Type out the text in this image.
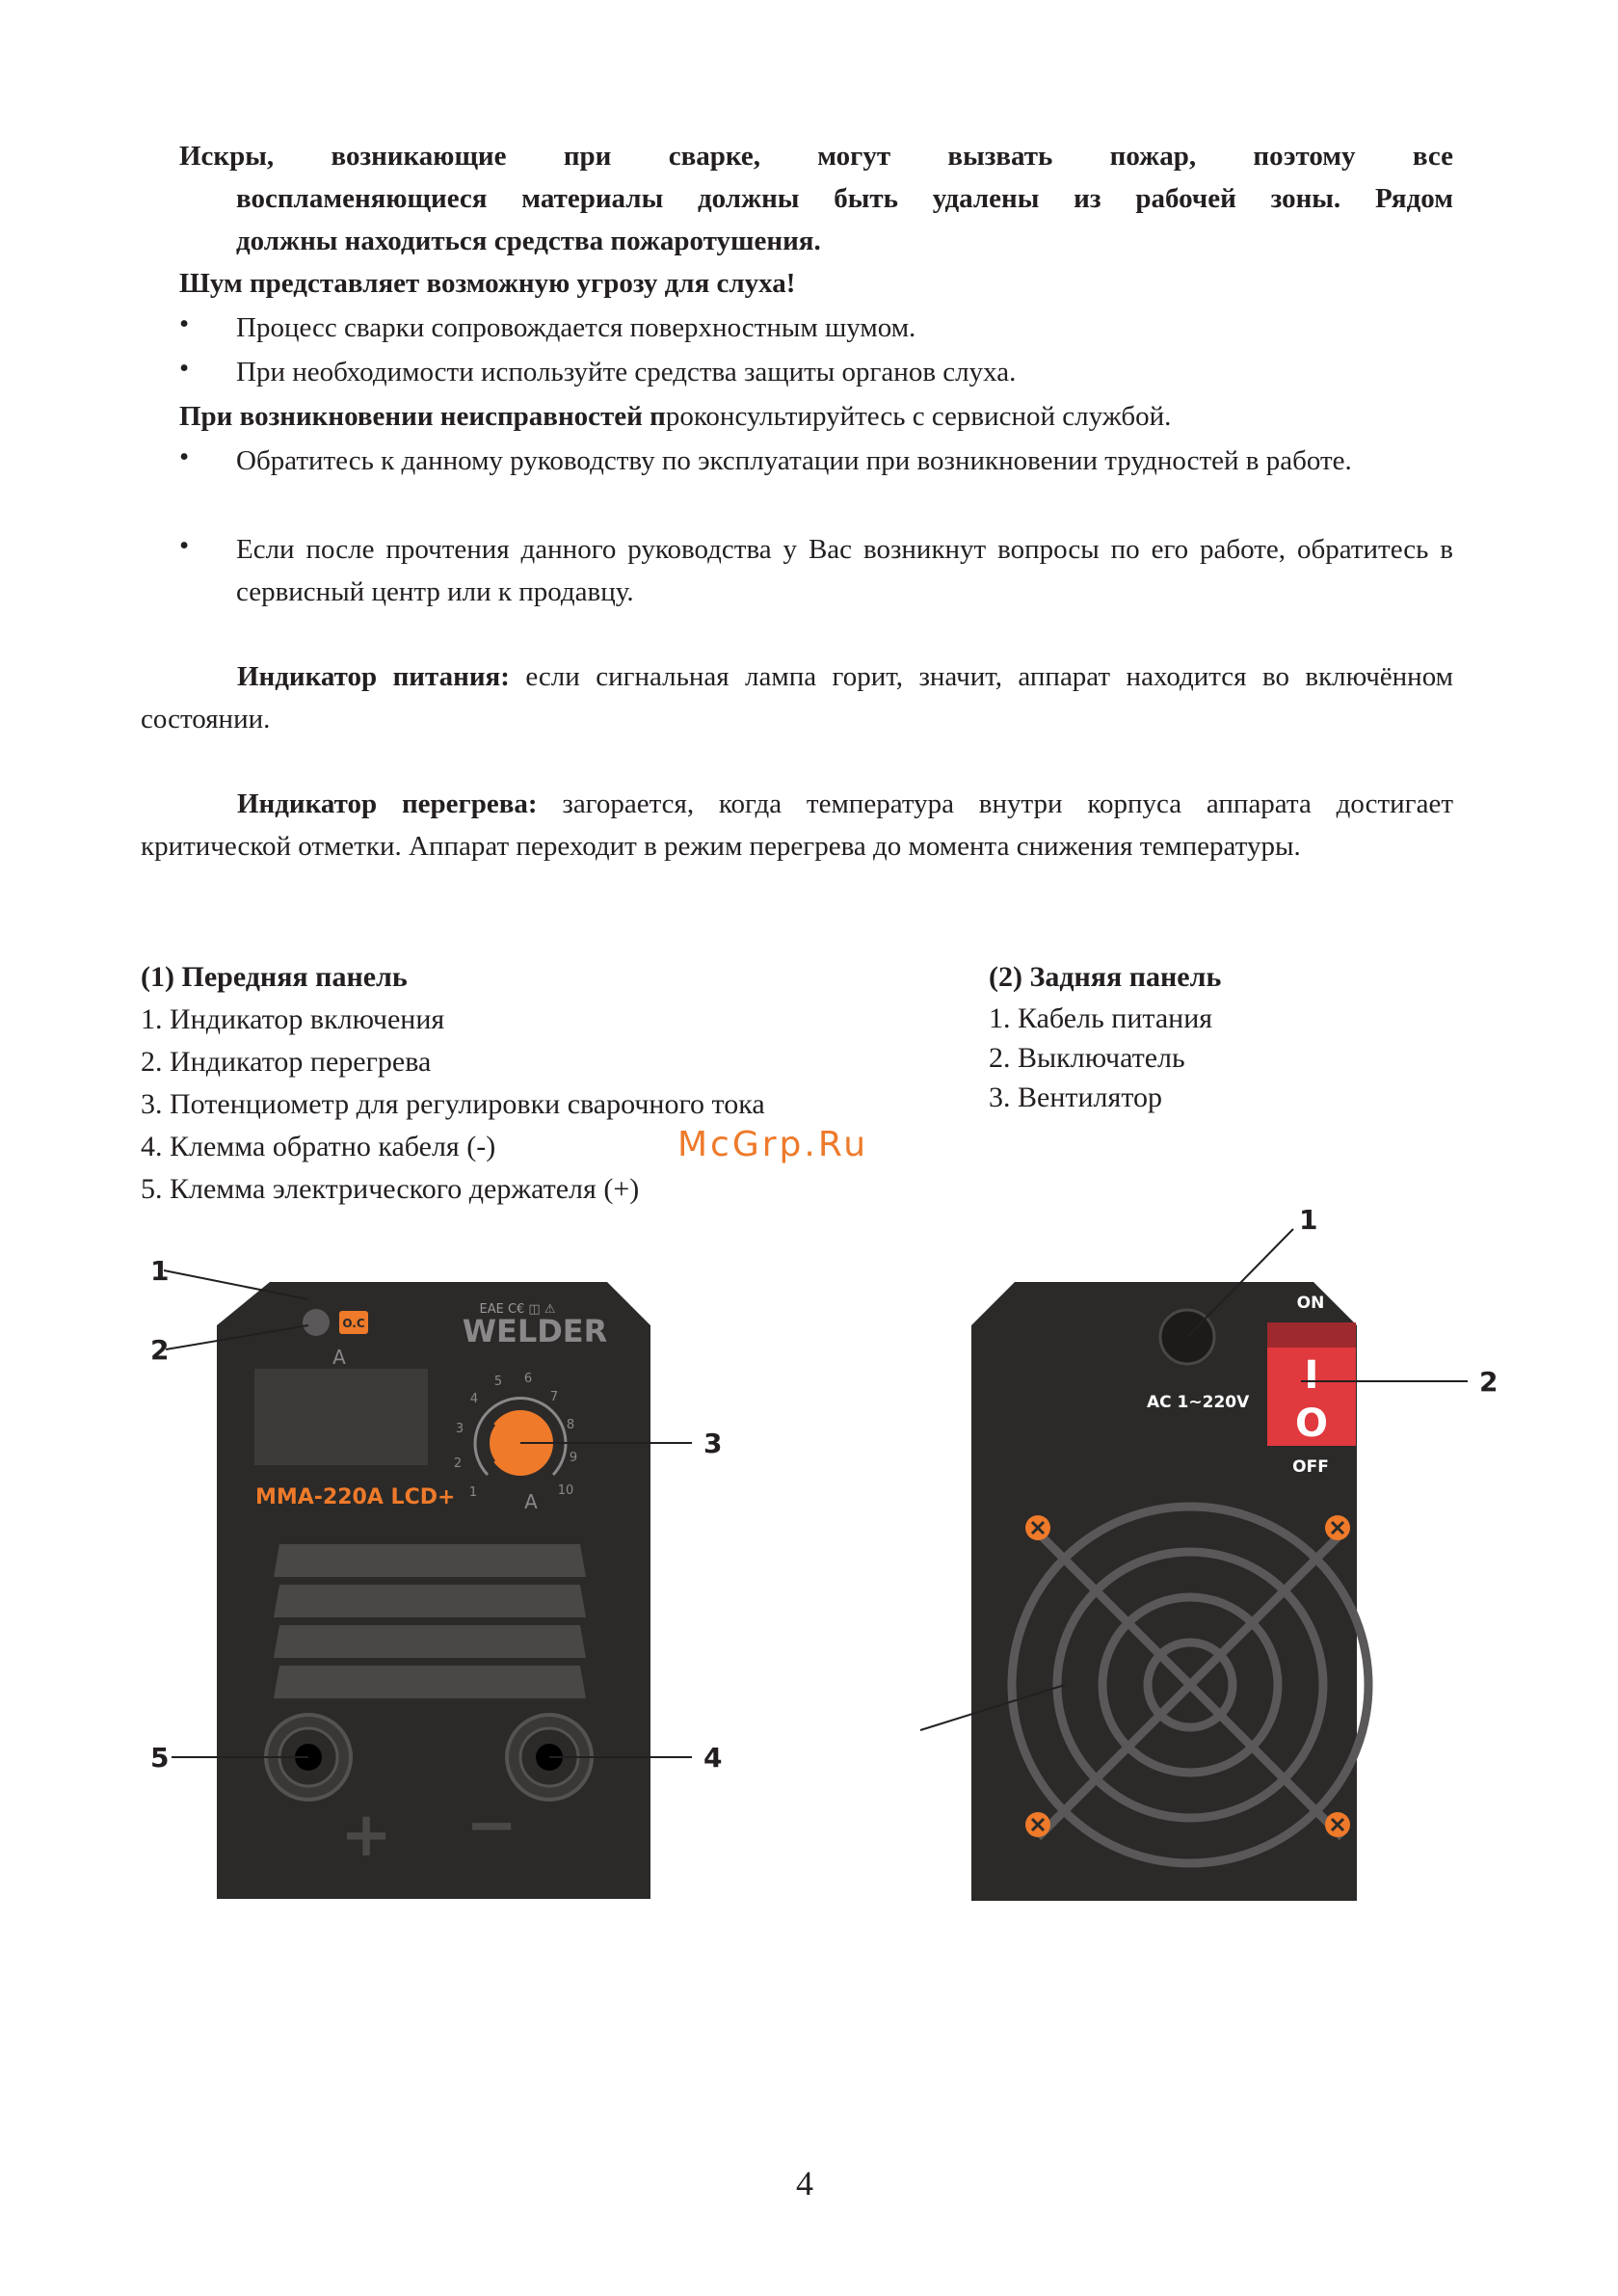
Искры, возникающие при сварке, могут вызвать пожар, поэтому все

воспламеняющиеся материалы должны быть удалены из рабочей зоны. Рядом

должны находиться средства пожаротушения.

Шум представляет возможную угрозу для слуха!

• Процесс сварки сопровождается поверхностным шумом.

• При необходимости используйте средства защиты органов слуха.

При возникновении неисправностей проконсультируйтесь с сервисной службой.

• Обратитесь к данному руководству по эксплуатации при возникновении трудностей в работе.

• Если после прочтения данного руководства у Вас возникнут вопросы по его работе, обратитесь в сервисный центр или к продавцу.

Индикатор питания: если сигнальная лампа горит, значит, аппарат находится во включённом состоянии.

Индикатор перегрева: загорается, когда температура внутри корпуса аппарата достигает критической отметки. Аппарат переходит в режим перегрева до момента снижения температуры.

(1) Передняя панель

1. Индикатор включения
2. Индикатор перегрева
3. Потенциометр для регулировки сварочного тока
4. Клемма обратно кабеля (-)
5. Клемма электрического держателя (+)

(2) Задняя панель

1. Кабель питания
2. Выключатель
3. Вентилятор
McGrp.Ru
O.C
A
ЕАЕ С€ ◫ ⚠
WELDER
MMA-220A LCD+ 1
2
3
4
5 6
7
8
9
10
A
+ −
1
2
3
4
5
AC 1~220V
ON
I
O
OFF
1
2
4
